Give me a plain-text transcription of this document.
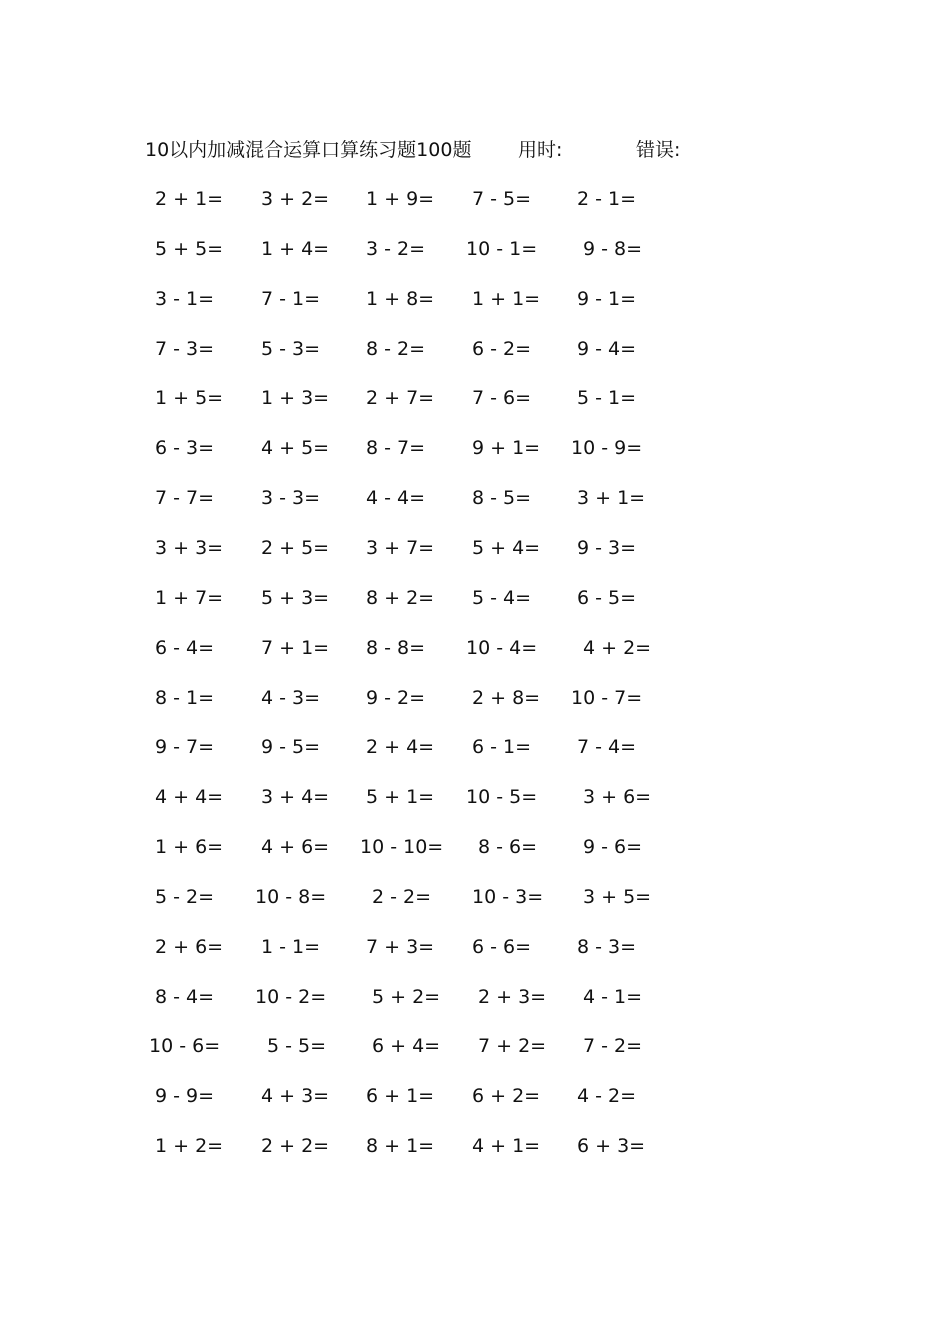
10以内加减混合运算口算练习题100题 用时:	错误:
2 + 1= 3 + 2= 1 + 9= 7 - 5= 2 - 1=
5 + 5= 1 + 4= 3 - 2= 10 - 1= 9 - 8=
3 - 1= 7 - 1= 1 + 8= 1 + 1= 9 - 1=
7 - 3= 5 - 3= 8 - 2= 6 - 2= 9 - 4=
1 + 5= 1 + 3= 2 + 7= 7 - 6= 5 - 1=
6 - 3= 4 + 5= 8 - 7= 9 + 1= 10 - 9=
7 - 7= 3 - 3= 4 - 4= 8 - 5= 3 + 1=
3 + 3= 2 + 5= 3 + 7= 5 + 4= 9 - 3=
1 + 7= 5 + 3= 8 + 2= 5 - 4= 6 - 5=
6 - 4= 7 + 1= 8 - 8= 10 - 4= 4 + 2=
8 - 1= 4 - 3= 9 - 2= 2 + 8= 10 - 7=
9 - 7= 9 - 5= 2 + 4= 6 - 1= 7 - 4=
4 + 4= 3 + 4= 5 + 1= 10 - 5= 3 + 6=
1 + 6= 4 + 6= 10 - 10= 8 - 6= 9 - 6=
5 - 2= 10 - 8= 2 - 2= 10 - 3= 3 + 5=
2 + 6= 1 - 1= 7 + 3= 6 - 6= 8 - 3=
8 - 4= 10 - 2= 5 + 2= 2 + 3= 4 - 1=
10 - 6= 5 - 5= 6 + 4= 7 + 2= 7 - 2=
9 - 9= 4 + 3= 6 + 1= 6 + 2= 4 - 2=
1 + 2= 2 + 2= 8 + 1= 4 + 1= 6 + 3=
